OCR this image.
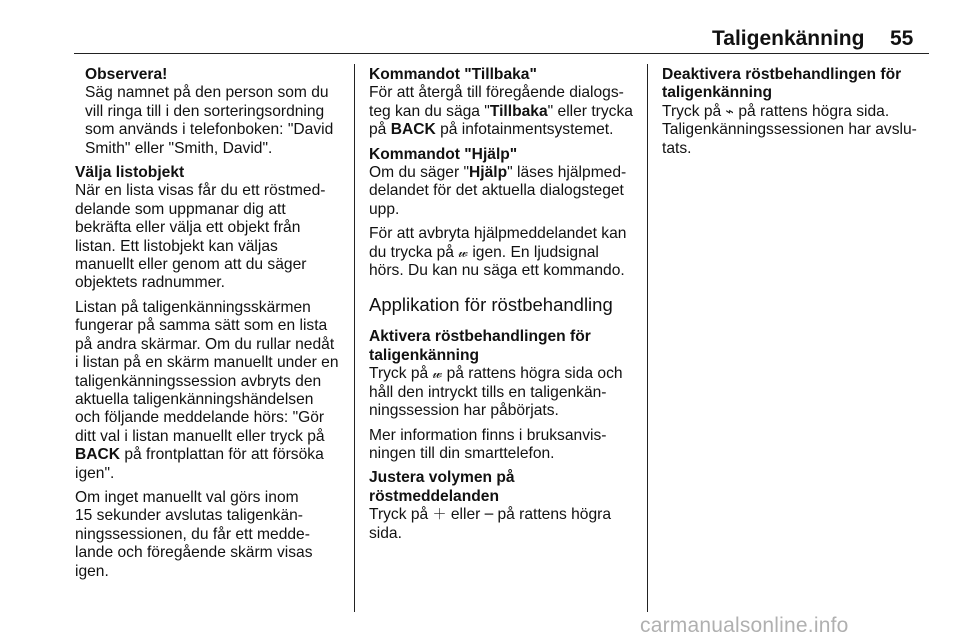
Taligenkänning 55
Observera!
Säg namnet på den person som du
vill ringa till i den sorteringsordning
som används i telefonboken: "David
Smith" eller "Smith, David".

Välja listobjekt
När en lista visas får du ett röstmed-
delande som uppmanar dig att
bekräfta eller välja ett objekt från
listan. Ett listobjekt kan väljas
manuellt eller genom att du säger
objektets radnummer.

Listan på taligenkänningsskärmen
fungerar på samma sätt som en lista
på andra skärmar. Om du rullar nedåt
i listan på en skärm manuellt under en
taligenkänningssession avbryts den
aktuella taligenkänningshändelsen
och följande meddelande hörs: "Gör
ditt val i listan manuellt eller tryck på
BACK på frontplattan för att försöka
igen".

Om inget manuellt val görs inom
15 sekunder avslutas taligenkän-
ningssessionen, du får ett medde-
lande och föregående skärm visas
igen.

Kommandot "Tillbaka"
För att återgå till föregående dialogs-
teg kan du säga "Tillbaka" eller trycka
på BACK på infotainmentsystemet.

Kommandot "Hjälp"
Om du säger "Hjälp" läses hjälpmed-
delandet för det aktuella dialogsteget
upp.

För att avbryta hjälpmeddelandet kan
du trycka på 𝓌 igen. En ljudsignal
hörs. Du kan nu säga ett kommando.

Applikation för röstbehandling

Aktivera röstbehandlingen för
taligenkänning
Tryck på 𝓌 på rattens högra sida och
håll den intryckt tills en taligenkän-
ningssession har påbörjats.

Mer information finns i bruksanvis-
ningen till din smarttelefon.

Justera volymen på
röstmeddelanden
Tryck på ＋ eller ─ på rattens högra
sida.

Deaktivera röstbehandlingen för
taligenkänning
Tryck på ⌁ på rattens högra sida.
Taligenkänningssessionen har avslu-
tats.

carmanualsonline.info
